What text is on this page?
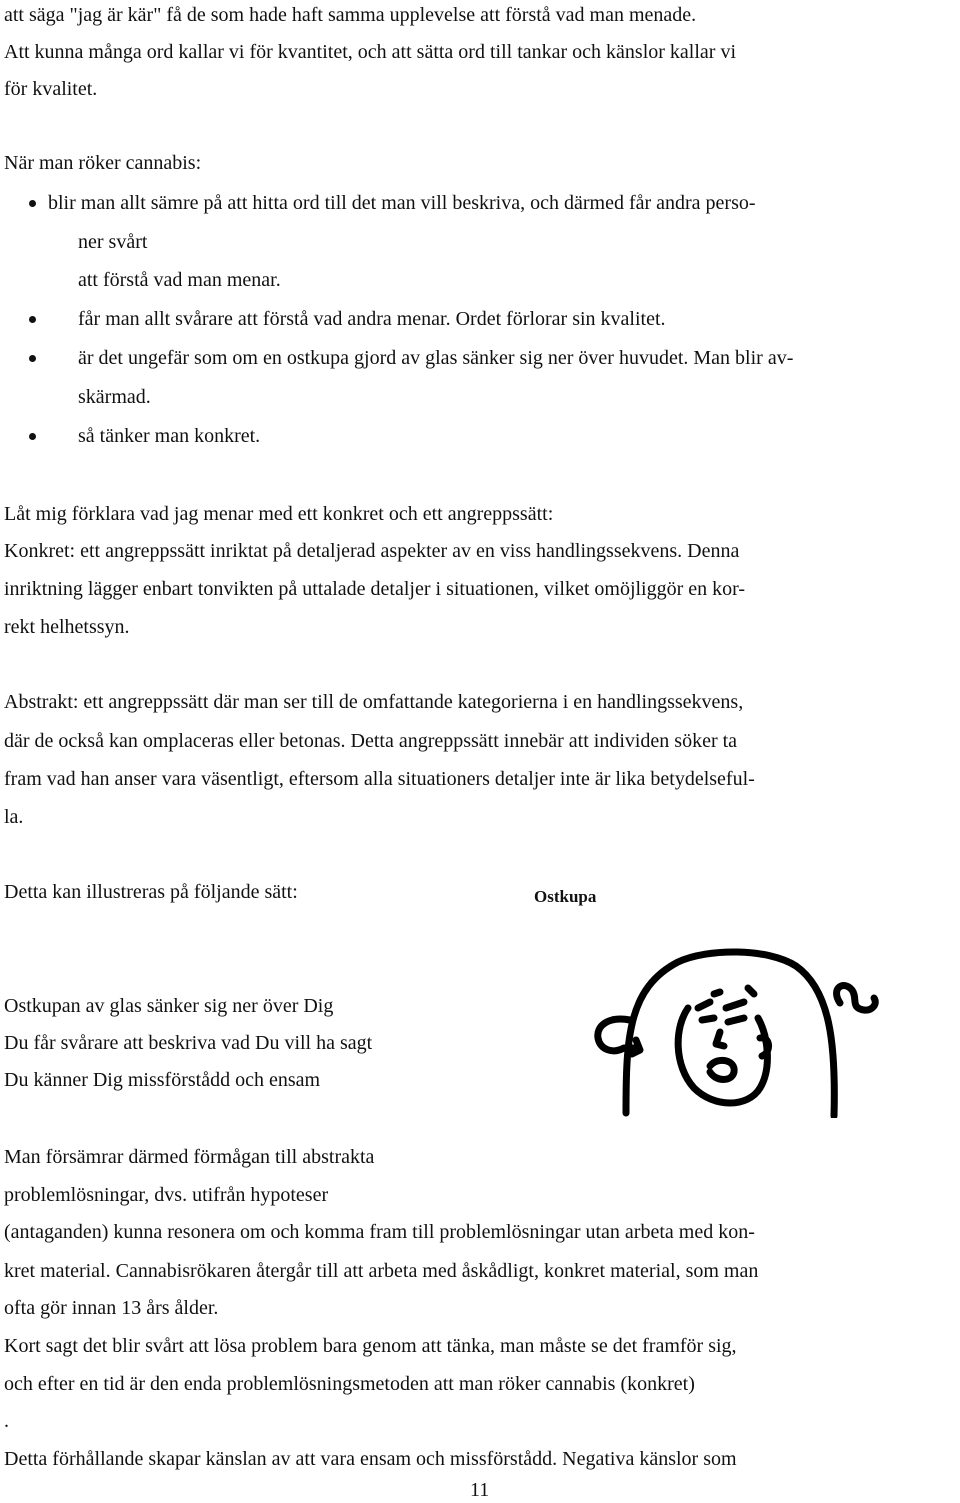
att säga "jag är kär" få de som hade haft samma upplevelse att förstå vad man menade.
Att kunna många ord kallar vi för kvantitet, och att sätta ord till tankar och känslor kallar vi
för kvalitet.
När man röker cannabis:
blir man allt sämre på att hitta ord till det man vill beskriva, och därmed får andra perso-
ner svårt
att förstå vad man menar.
får man allt svårare att förstå vad andra menar. Ordet förlorar sin kvalitet.
är det ungefär som om en ostkupa gjord av glas sänker sig ner över huvudet. Man blir av-
skärmad.
så tänker man konkret.
Låt mig förklara vad jag menar med ett konkret och ett angreppssätt:
Konkret: ett angreppssätt inriktat på detaljerad aspekter av en viss handlingssekvens. Denna
inriktning lägger enbart tonvikten på uttalade detaljer i situationen, vilket omöjliggör en kor-
rekt helhetssyn.
Abstrakt: ett angreppssätt där man ser till de omfattande kategorierna i en handlingssekvens,
där de också kan omplaceras eller betonas. Detta angreppssätt innebär att individen söker ta
fram vad han anser vara väsentligt, eftersom alla situationers detaljer inte är lika betydelseful-
la.
Detta kan illustreras på följande sätt:	Ostkupa
Ostkupan av glas sänker sig ner över Dig
Du får svårare att beskriva vad Du vill ha sagt
Du känner Dig missförstådd och ensam
Man försämrar därmed förmågan till abstrakta
problemlösningar, dvs. utifrån hypoteser
(antaganden) kunna resonera om och komma fram till problemlösningar utan arbeta med kon-
kret material. Cannabisrökaren återgår till att arbeta med åskådligt, konkret material, som man
ofta gör innan 13 års ålder.
Kort sagt det blir svårt att lösa problem bara genom att tänka, man måste se det framför sig,
och efter en tid är den enda problemlösningsmetoden att man röker cannabis (konkret)
.
Detta förhållande skapar känslan av att vara ensam och missförstådd. Negativa känslor som
11
